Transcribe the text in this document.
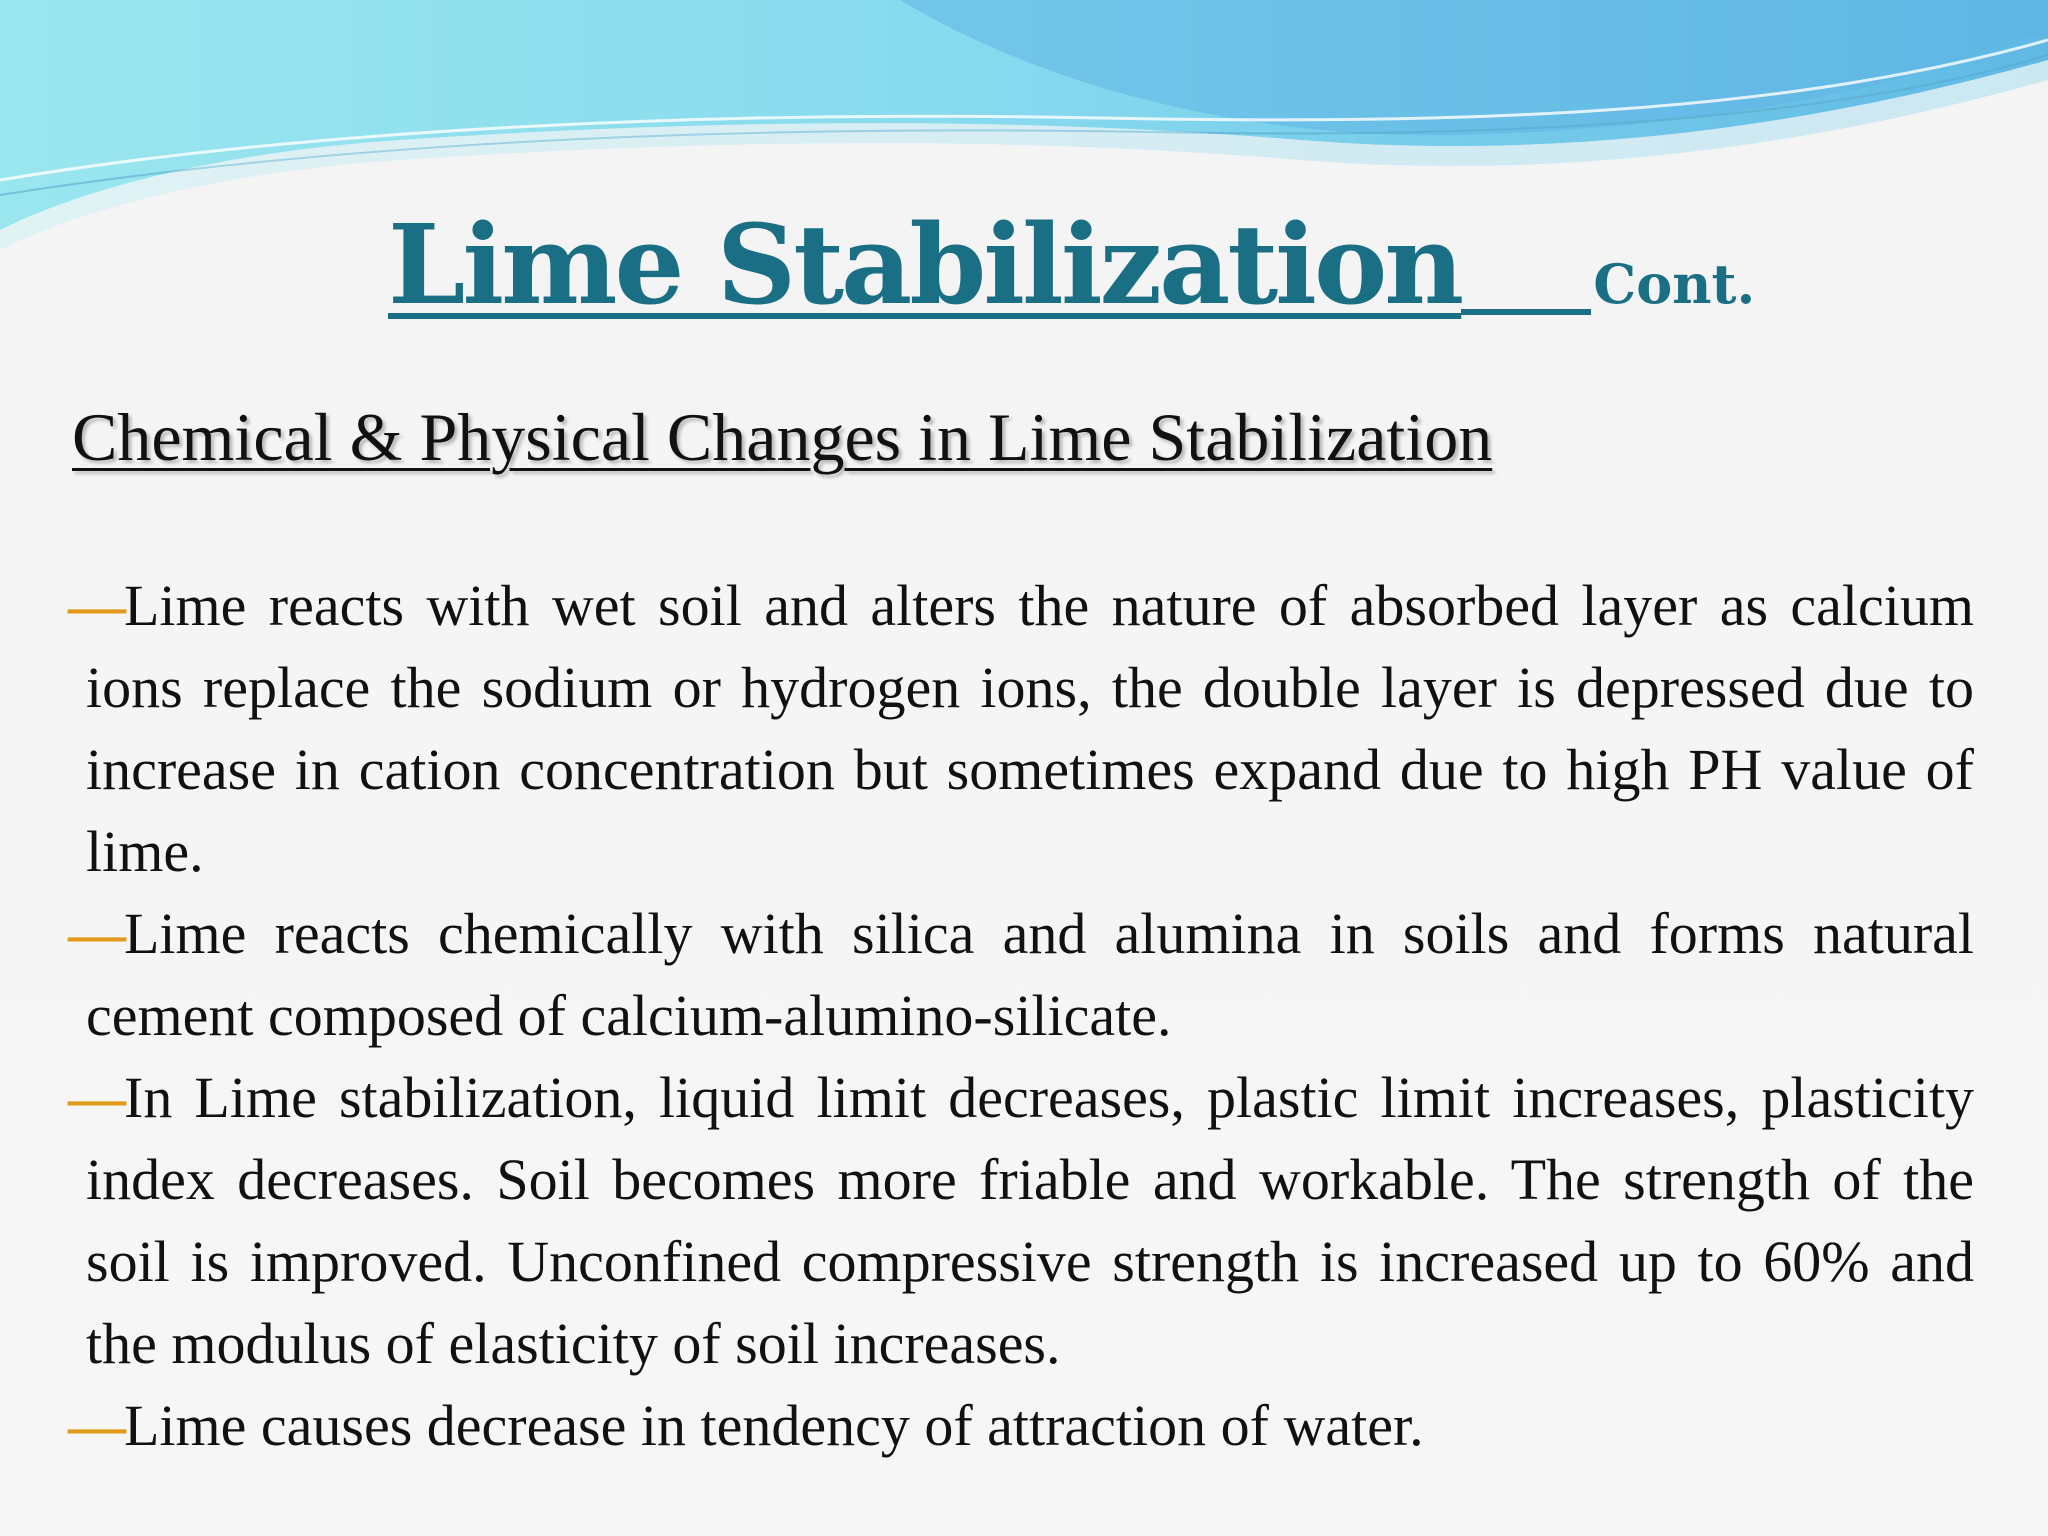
Lime Stabilization Cont.
Chemical & Physical Changes in Lime Stabilization
—
Lime reacts with wet soil and alters the nature of absorbed layer as calcium ions replace the sodium or hydrogen ions, the double layer is depressed due to increase in cation concentration but sometimes expand due to high PH value of lime.
—
Lime reacts chemically with silica and alumina in soils and forms natural cement composed of calcium-alumino-silicate.
—
In Lime stabilization, liquid limit decreases, plastic limit increases, plasticity index decreases. Soil becomes more friable and workable. The strength of the soil is improved. Unconfined compressive strength is increased up to 60% and the modulus of elasticity of soil increases.
—
Lime causes decrease in tendency of attraction of water.
